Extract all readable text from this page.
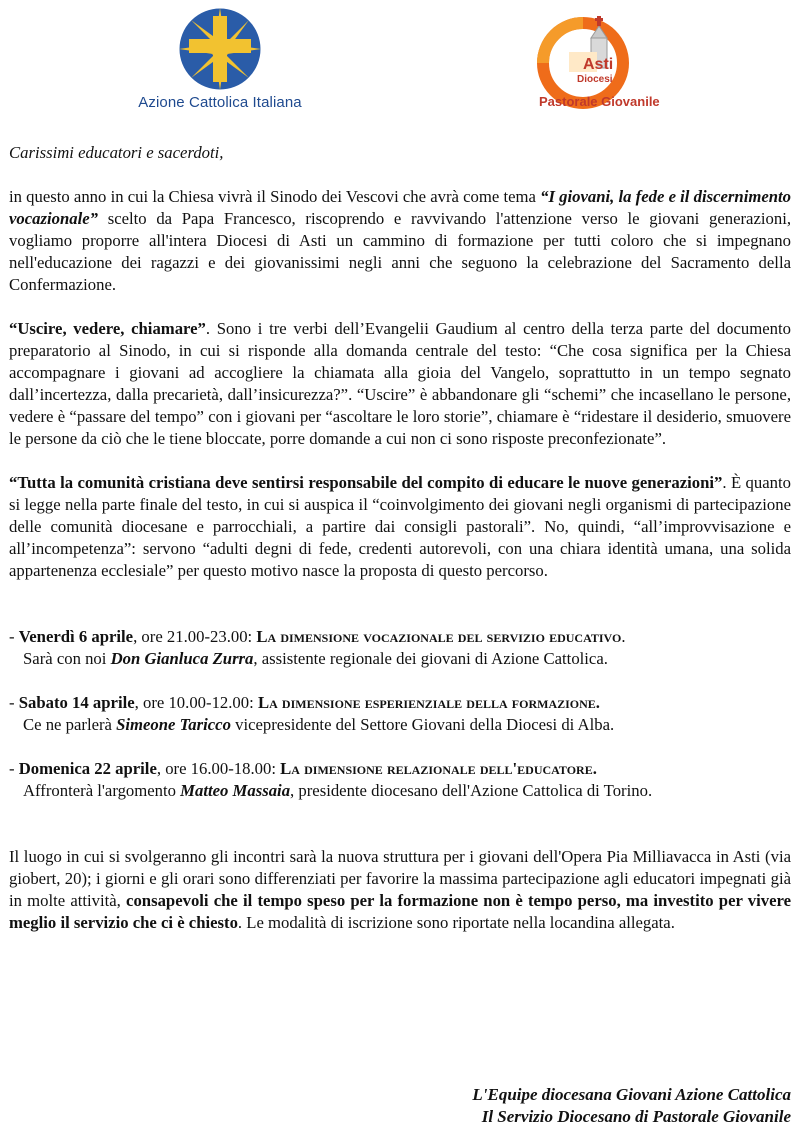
Azione Cattolica Italiana
Asti
Diocesi
Pastorale Giovanile
Carissimi educatori e sacerdoti,

in questo anno in cui la Chiesa vivrà il Sinodo dei Vescovi che avrà come tema “I giovani, la fede e il discernimento vocazionale” scelto da Papa Francesco, riscoprendo e ravvivando l'attenzione verso le giovani generazioni, vogliamo proporre all'intera Diocesi di Asti un cammino di formazione per tutti coloro che si impegnano nell'educazione dei ragazzi e dei giovanissimi negli anni che seguono la celebrazione del Sacramento della Confermazione.

“Uscire, vedere, chiamare”. Sono i tre verbi dell’Evangelii Gaudium al centro della terza parte del documento preparatorio al Sinodo, in cui si risponde alla domanda centrale del testo: “Che cosa significa per la Chiesa accompagnare i giovani ad accogliere la chiamata alla gioia del Vangelo, soprattutto in un tempo segnato dall’incertezza, dalla precarietà, dall’insicurezza?”. “Uscire” è abbandonare gli “schemi” che incasellano le persone, vedere è “passare del tempo” con i giovani per “ascoltare le loro storie”, chiamare è “ridestare il desiderio, smuovere le persone da ciò che le tiene bloccate, porre domande a cui non ci sono risposte preconfezionate”.

“Tutta la comunità cristiana deve sentirsi responsabile del compito di educare le nuove generazioni”. È quanto si legge nella parte finale del testo, in cui si auspica il “coinvolgimento dei giovani negli organismi di partecipazione delle comunità diocesane e parrocchiali, a partire dai consigli pastorali”. No, quindi, “all’improvvisazione e all’incompetenza”: servono “adulti degni di fede, credenti autorevoli, con una chiara identità umana, una solida appartenenza ecclesiale” per questo motivo nasce la proposta di questo percorso.

- Venerdì 6 aprile, ore 21.00-23.00: La dimensione vocazionale del servizio educativo.
Sarà con noi Don Gianluca Zurra, assistente regionale dei giovani di Azione Cattolica.
- Sabato 14 aprile, ore 10.00-12.00: La dimensione esperienziale della formazione.
Ce ne parlerà Simeone Taricco vicepresidente del Settore Giovani della Diocesi di Alba.
- Domenica 22 aprile, ore 16.00-18.00: La dimensione relazionale dell'educatore.
Affronterà l'argomento Matteo Massaia, presidente diocesano dell'Azione Cattolica di Torino.

Il luogo in cui si svolgeranno gli incontri sarà la nuova struttura per i giovani dell'Opera Pia Milliavacca in Asti (via giobert, 20); i giorni e gli orari sono differenziati per favorire la massima partecipazione agli educatori impegnati già in molte attività, consapevoli che il tempo speso per la formazione non è tempo perso, ma investito per vivere meglio il servizio che ci è chiesto. Le modalità di iscrizione sono riportate nella locandina allegata.

L'Equipe diocesana Giovani Azione Cattolica
Il Servizio Diocesano di Pastorale Giovanile
